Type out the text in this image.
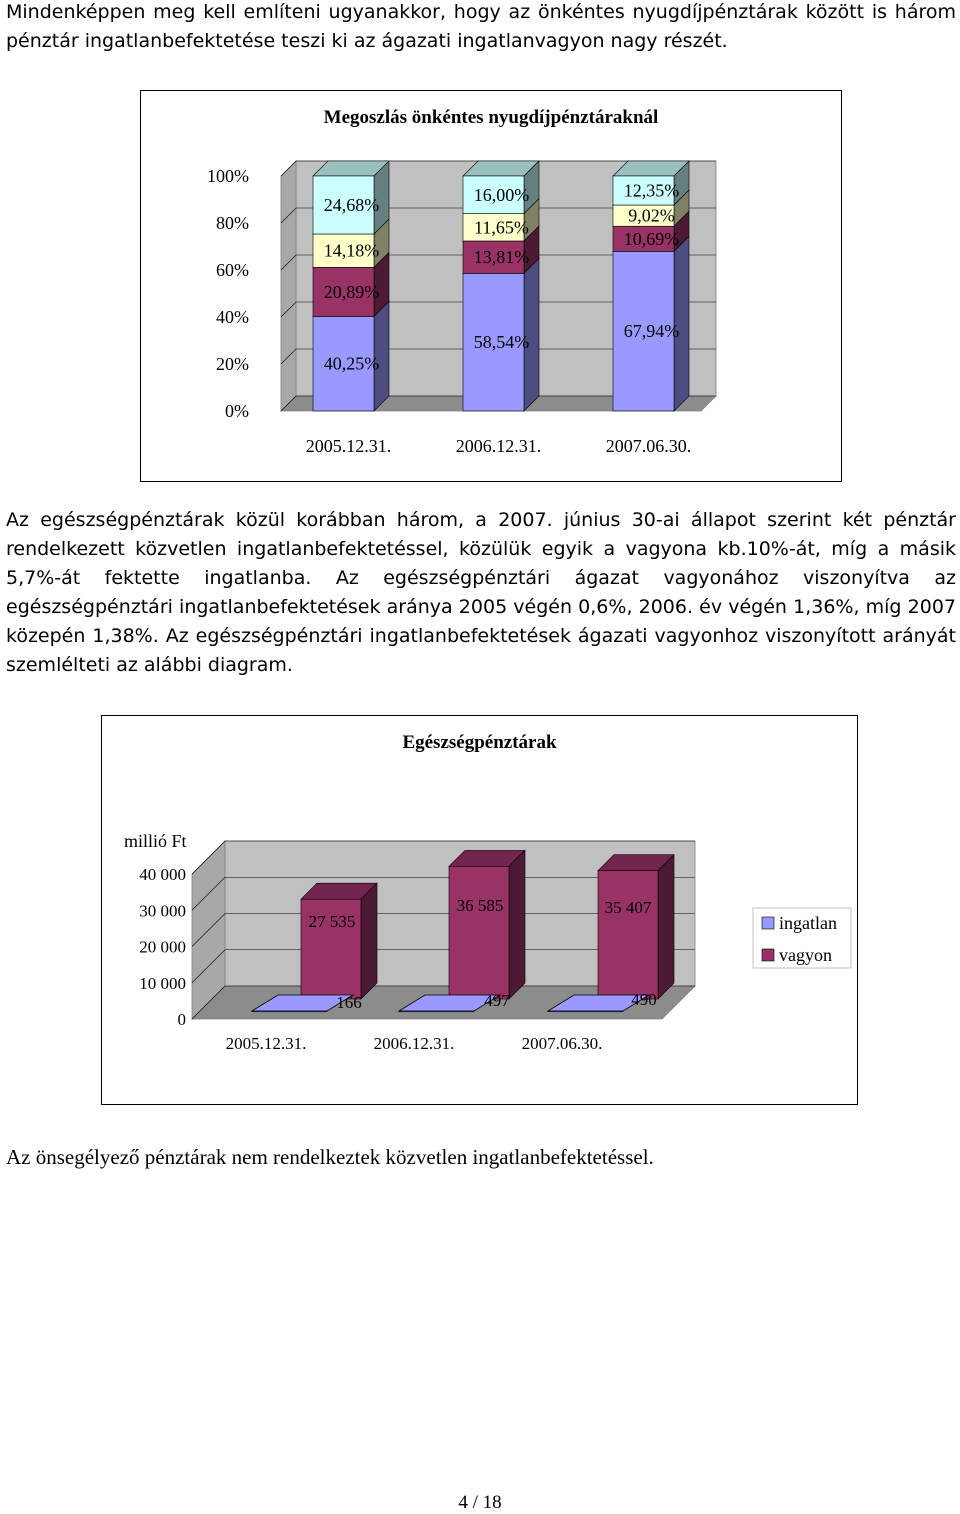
Mindenképpen meg kell említeni ugyanakkor, hogy az önkéntes nyugdíjpénztárak között is három pénztár ingatlanbefektetése teszi ki az ágazati ingatlanvagyon nagy részét.

Megoszlás önkéntes nyugdíjpénztáraknál
0%
20%
40%
60%
80%
100%
40,25%
20,89%
14,18%
24,68%
2005.12.31.
58,54%
13,81%
11,65%
16,00%
2006.12.31.
67,94%
10,69%
9,02%
12,35%
2007.06.30.

Az egészségpénztárak közül korábban három, a 2007. június 30-ai állapot szerint két pénztár rendelkezett közvetlen ingatlanbefektetéssel, közülük egyik a vagyona kb.10%-át, míg a másik 5,7%-át fektette ingatlanba. Az egészségpénztári ágazat vagyonához viszonyítva az egészségpénztári ingatlanbefektetések aránya 2005 végén 0,6%, 2006. év végén 1,36%, míg 2007 közepén 1,38%. Az egészségpénztári ingatlanbefektetések ágazati vagyonhoz viszonyított arányát szemlélteti az alábbi diagram.

Egészségpénztárak
0
10 000
20 000
30 000
40 000
millió Ft
27 535
166
2005.12.31.
36 585
497
2006.12.31.
35 407
490
2007.06.30.
ingatlan
vagyon

Az önsegélyező pénztárak nem rendelkeztek közvetlen ingatlanbefektetéssel.

4 / 18
